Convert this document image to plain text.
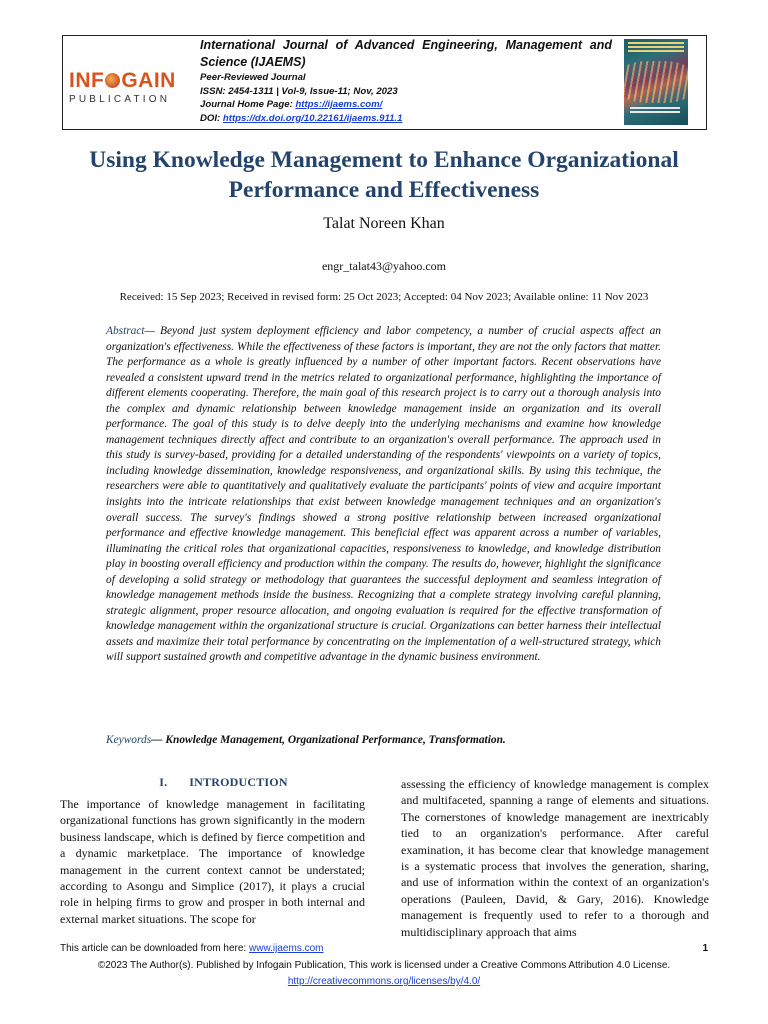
INF GAIN
PUBLICATION
International Journal of Advanced Engineering, Management and Science (IJAEMS)
Peer-Reviewed Journal
ISSN: 2454-1311 | Vol-9, Issue-11; Nov, 2023
Journal Home Page: https://ijaems.com/
DOI: https://dx.doi.org/10.22161/ijaems.911.1
Using Knowledge Management to Enhance Organizational Performance and Effectiveness
Talat Noreen Khan
engr_talat43@yahoo.com
Received: 15 Sep 2023; Received in revised form: 25 Oct 2023; Accepted: 04 Nov 2023; Available online: 11 Nov 2023

Abstract— Beyond just system deployment efficiency and labor competency, a number of crucial aspects affect an organization's effectiveness. While the effectiveness of these factors is important, they are not the only factors that matter. The performance as a whole is greatly influenced by a number of other important factors. Recent observations have revealed a consistent upward trend in the metrics related to organizational performance, highlighting the importance of different elements cooperating. Therefore, the main goal of this research project is to carry out a thorough analysis into the complex and dynamic relationship between knowledge management inside an organization and its overall performance. The goal of this study is to delve deeply into the underlying mechanisms and examine how knowledge management techniques directly affect and contribute to an organization's overall performance. The approach used in this study is survey-based, providing for a detailed understanding of the respondents' viewpoints on a variety of topics, including knowledge dissemination, knowledge responsiveness, and organizational skills. By using this technique, the researchers were able to quantitatively and qualitatively evaluate the participants' points of view and acquire important insights into the intricate relationships that exist between knowledge management techniques and an organization's overall success. The survey's findings showed a strong positive relationship between increased organizational performance and effective knowledge management. This beneficial effect was apparent across a number of variables, illuminating the critical roles that organizational capacities, responsiveness to knowledge, and knowledge distribution play in boosting overall efficiency and production within the company. The results do, however, highlight the significance of developing a solid strategy or methodology that guarantees the successful deployment and seamless integration of knowledge management methods inside the business. Recognizing that a complete strategy involving careful planning, strategic alignment, proper resource allocation, and ongoing evaluation is required for the effective transformation of knowledge management within the organizational structure is crucial. Organizations can better harness their intellectual assets and maximize their total performance by concentrating on the implementation of a well-structured strategy, which will support sustained growth and competitive advantage in the dynamic business environment.

Keywords— Knowledge Management, Organizational Performance, Transformation.

I. INTRODUCTION

The importance of knowledge management in facilitating organizational functions has grown significantly in the modern business landscape, which is defined by fierce competition and a dynamic marketplace. The importance of knowledge management in the current context cannot be understated; according to Asongu and Simplice (2017), it plays a crucial role in helping firms to grow and prosper in both internal and external market situations. The scope for

assessing the efficiency of knowledge management is complex and multifaceted, spanning a range of elements and situations. The cornerstones of knowledge management are inextricably tied to an organization's performance. After careful examination, it has become clear that knowledge management is a systematic process that involves the generation, sharing, and use of information within the context of an organization's operations (Pauleen, David, & Gary, 2016). Knowledge management is frequently used to refer to a thorough and multidisciplinary approach that aims

This article can be downloaded from here: www.ijaems.com	1
©2023 The Author(s). Published by Infogain Publication, This work is licensed under a Creative Commons Attribution 4.0 License.
http://creativecommons.org/licenses/by/4.0/
